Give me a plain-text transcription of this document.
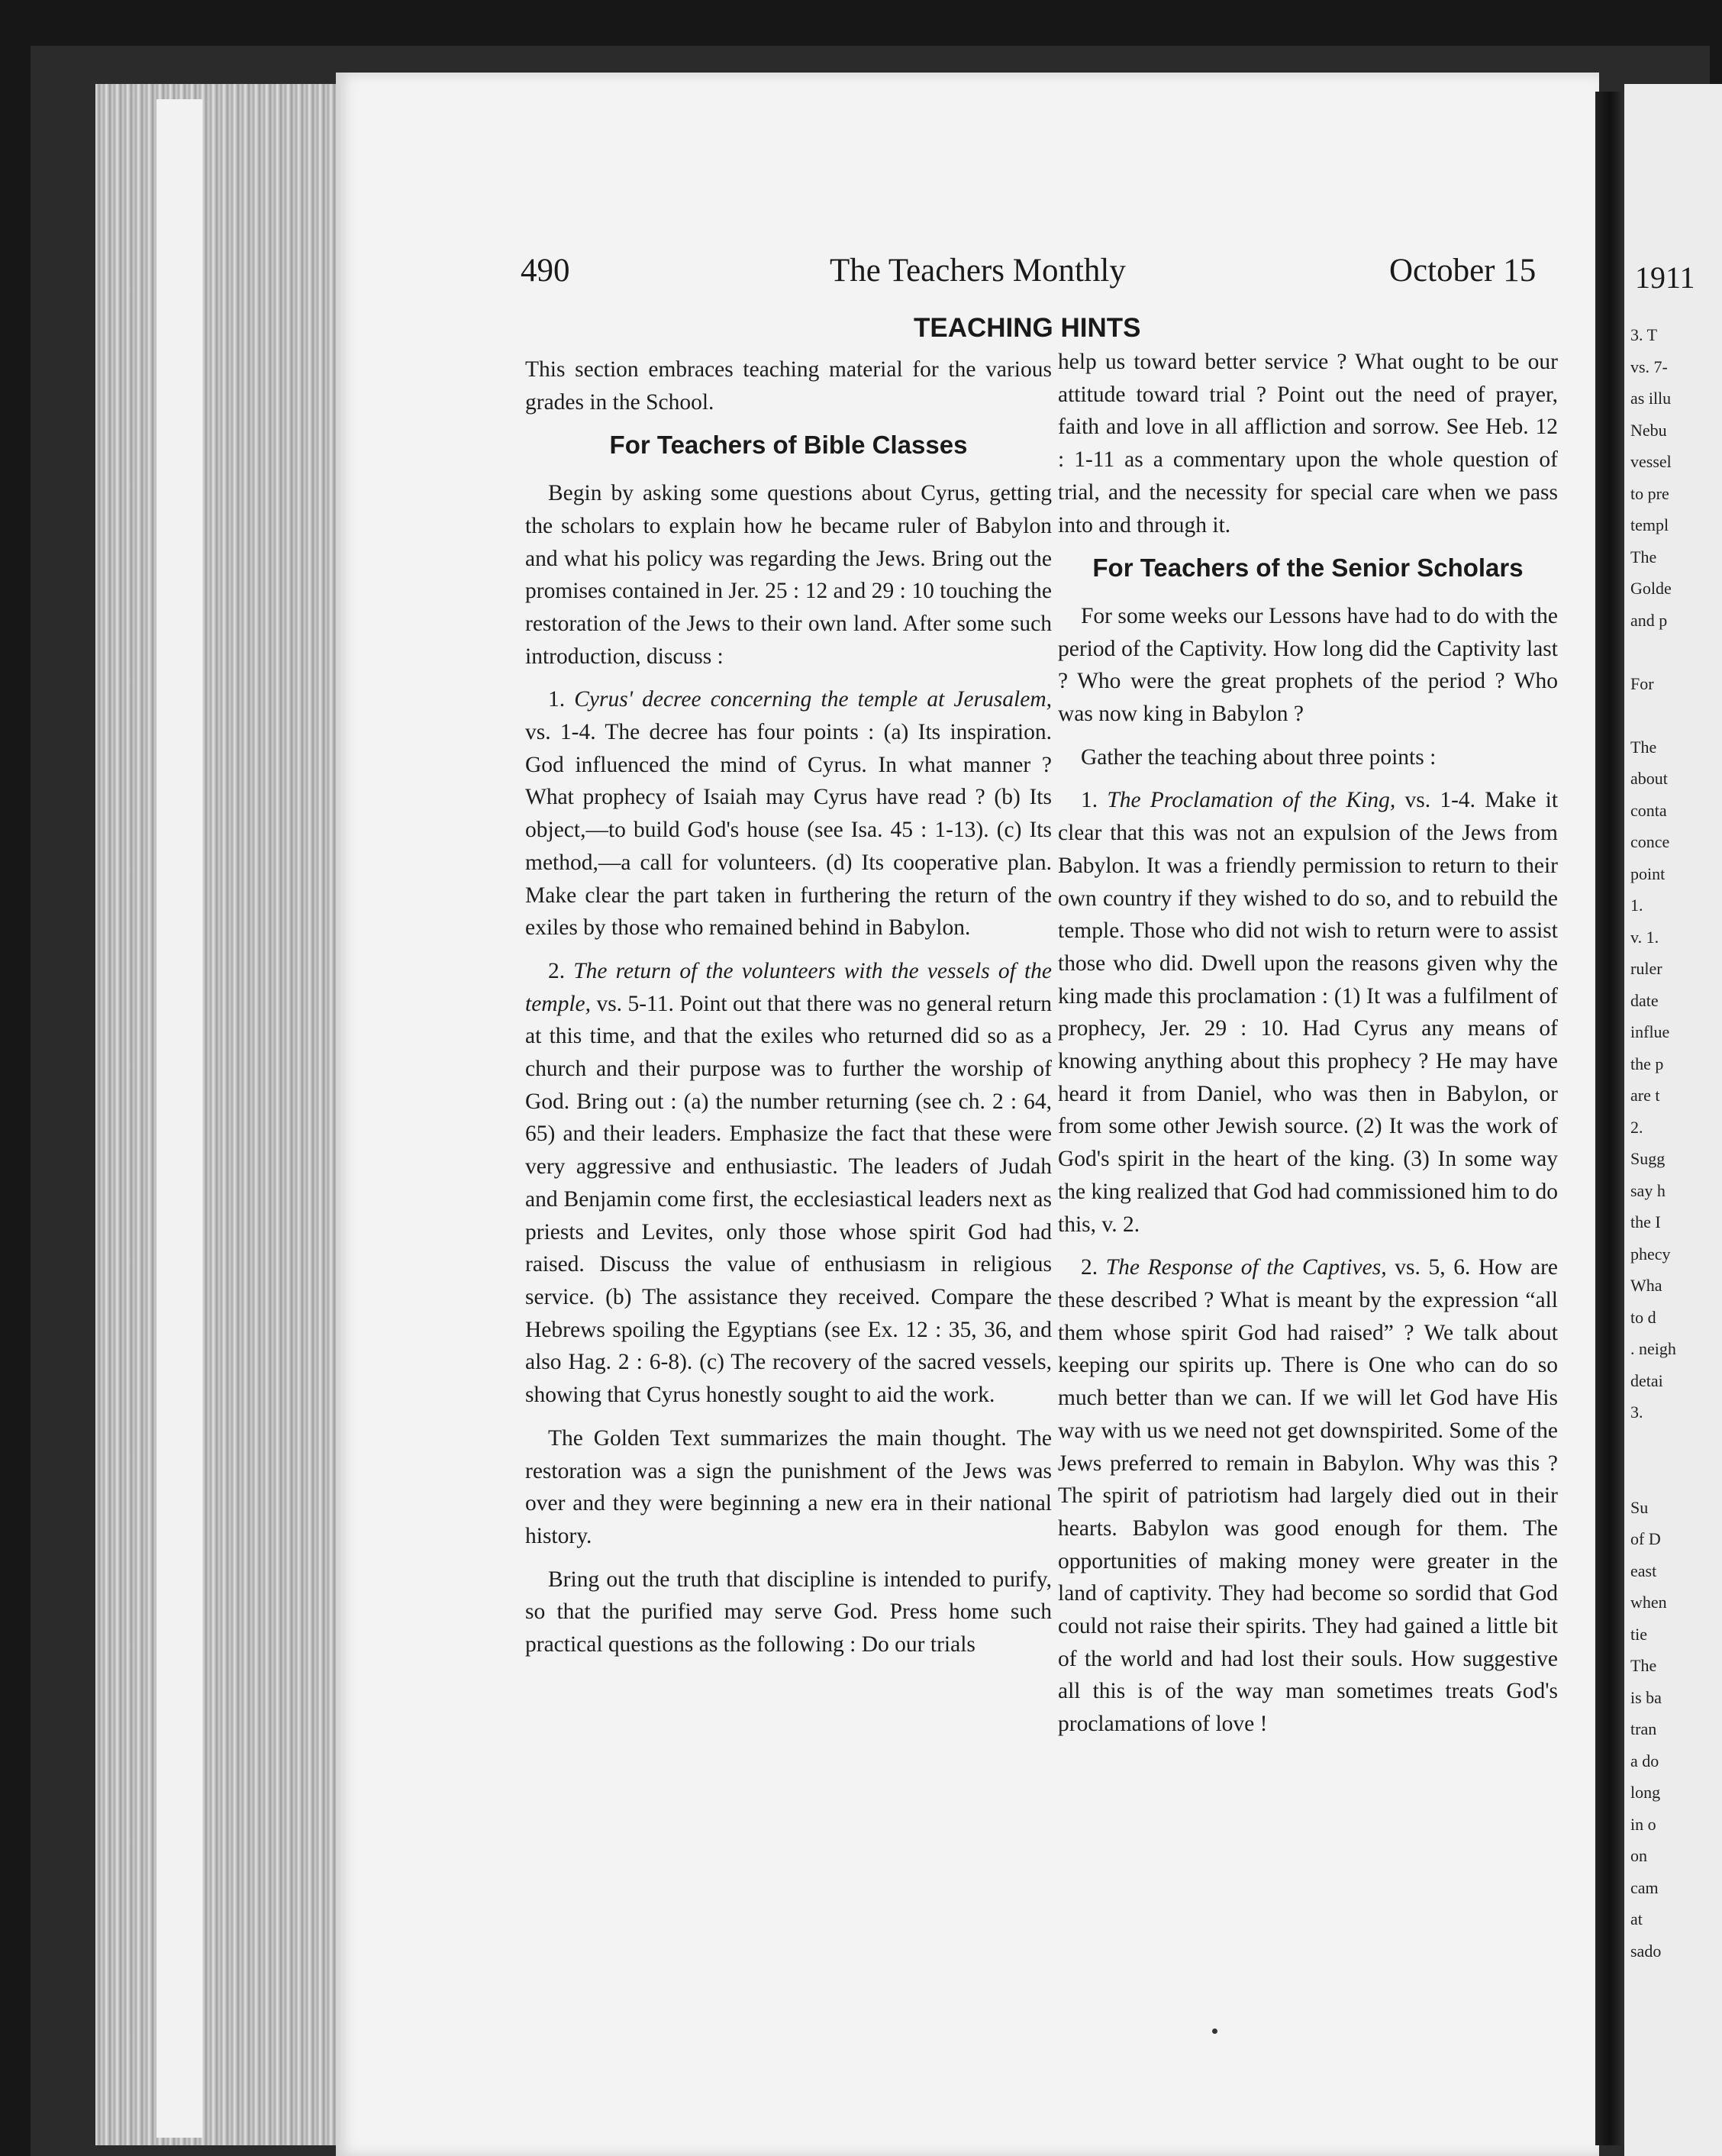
490	The Teachers Monthly	October 15
TEACHING HINTS

This section embraces teaching material for the various grades in the School.

For Teachers of Bible Classes

Begin by asking some questions about Cyrus, getting the scholars to explain how he became ruler of Babylon and what his policy was regarding the Jews. Bring out the promises contained in Jer. 25 : 12 and 29 : 10 touching the restoration of the Jews to their own land. After some such introduction, discuss :

1. Cyrus' decree concerning the temple at Jerusalem, vs. 1-4. The decree has four points : (a) Its inspiration. God influenced the mind of Cyrus. In what manner ? What prophecy of Isaiah may Cyrus have read ? (b) Its object,—to build God's house (see Isa. 45 : 1-13). (c) Its method,—a call for volunteers. (d) Its cooperative plan. Make clear the part taken in furthering the return of the exiles by those who remained behind in Babylon.

2. The return of the volunteers with the vessels of the temple, vs. 5-11. Point out that there was no general return at this time, and that the exiles who returned did so as a church and their purpose was to further the worship of God. Bring out : (a) the number returning (see ch. 2 : 64, 65) and their leaders. Emphasize the fact that these were very aggressive and enthusiastic. The leaders of Judah and Benjamin come first, the ecclesiastical leaders next as priests and Levites, only those whose spirit God had raised. Discuss the value of enthusiasm in religious service. (b) The assistance they received. Compare the Hebrews spoiling the Egyptians (see Ex. 12 : 35, 36, and also Hag. 2 : 6-8). (c) The recovery of the sacred vessels, showing that Cyrus honestly sought to aid the work.

The Golden Text summarizes the main thought. The restoration was a sign the punishment of the Jews was over and they were beginning a new era in their national history.

Bring out the truth that discipline is intended to purify, so that the purified may serve God. Press home such practical questions as the following : Do our trials

help us toward better service ? What ought to be our attitude toward trial ? Point out the need of prayer, faith and love in all affliction and sorrow. See Heb. 12 : 1-11 as a commentary upon the whole question of trial, and the necessity for special care when we pass into and through it.

For Teachers of the Senior Scholars

For some weeks our Lessons have had to do with the period of the Captivity. How long did the Captivity last ? Who were the great prophets of the period ? Who was now king in Babylon ?

Gather the teaching about three points :

1. The Proclamation of the King, vs. 1-4. Make it clear that this was not an expulsion of the Jews from Babylon. It was a friendly permission to return to their own country if they wished to do so, and to rebuild the temple. Those who did not wish to return were to assist those who did. Dwell upon the reasons given why the king made this proclamation : (1) It was a fulfilment of prophecy, Jer. 29 : 10. Had Cyrus any means of knowing anything about this prophecy ? He may have heard it from Daniel, who was then in Babylon, or from some other Jewish source. (2) It was the work of God's spirit in the heart of the king. (3) In some way the king realized that God had commissioned him to do this, v. 2.

2. The Response of the Captives, vs. 5, 6. How are these described ? What is meant by the expression “all them whose spirit God had raised” ? We talk about keeping our spirits up. There is One who can do so much better than we can. If we will let God have His way with us we need not get downspirited. Some of the Jews preferred to remain in Babylon. Why was this ? The spirit of patriotism had largely died out in their hearts. Babylon was good enough for them. The opportunities of making money were greater in the land of captivity. They had become so sordid that God could not raise their spirits. They had gained a little bit of the world and had lost their souls. How suggestive all this is of the way man sometimes treats God's proclamations of love !

1911
3. T
vs. 7-
as illu
Nebu
vessel
to pre
templ
The
Golde
and p

For

The
about
conta
conce
point
1.
v. 1.
ruler
date
influe
the p
are t
2.
Sugg
say h
the I
phecy
Wha
to d
. neigh
detai
3.

Su
of D
east
when
tie
The
is ba
tran
a do
long
in o
on
cam
at
sado
